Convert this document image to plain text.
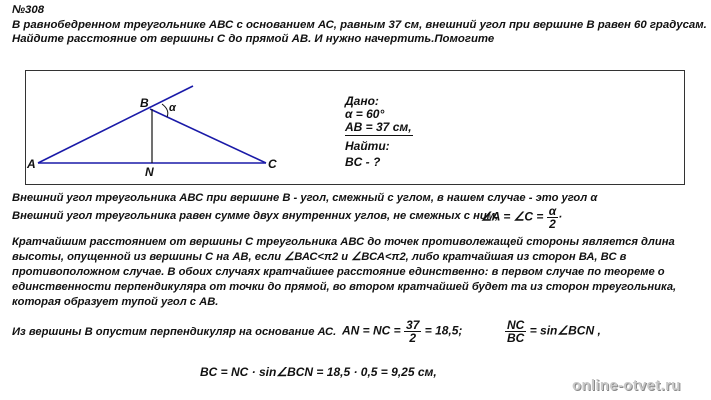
№308
В равнобедренном треугольнике АВС с основанием АС, равным 37 см, внешний угол при вершине В равен 60 градусам.
Найдите расстояние от вершины С до прямой АВ. И нужно начертить.Помогите
B α
A
N
C
Дано:
α = 60°
AB = 37 см,
Найти:
BC - ?
Внешний угол треугольника АВС при вершине В - угол, смежный с углом, в нашем случае - это угол α
Внешний угол треугольника равен сумме двух внутренних углов, не смежных с ним,
∠A = ∠C = $\frac{\alpha}{2}$ ·
Кратчайшим расстоянием от вершины С треугольника АВС до точек противолежащей стороны является длина
высоты, опущенной из вершины С на АВ, если ∠ВАС<π2 и ∠ВСА<π2, либо кратчайшая из сторон ВА, ВС в
противоположном случае. В обоих случаях кратчайшее расстояние единственно: в первом случае по теореме о
единственности перпендикуляра от точки до прямой, во втором кратчайшей будет та из сторон треугольника,
которая образует тупой угол с АВ.
Из вершины В опустим перпендикуляр на основание АС. AN = NC = $\frac{37}{2} = 18,5$;	$\frac{NC}{BC}$ = sin∠BCN ,
BC = NC · sin∠BCN = 18,5 · 0,5 = 9,25 см,
online-otvet.ru
